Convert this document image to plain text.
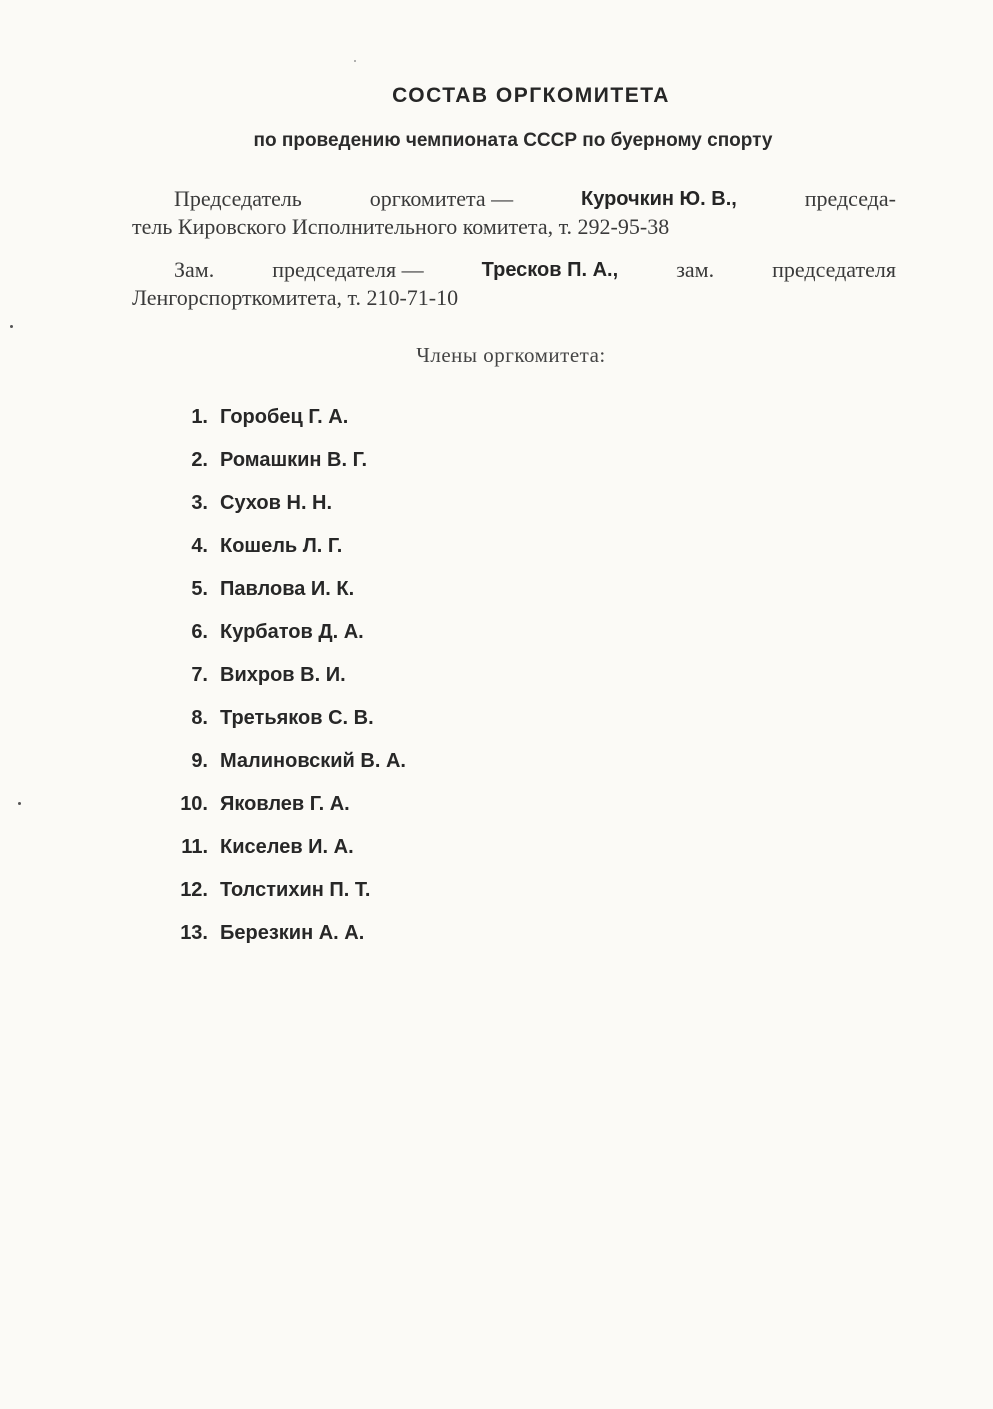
СОСТАВ ОРГКОМИТЕТА
по проведению чемпионата СССР по буерному спорту
Председатель	оргкомитета —	Курочкин Ю. В.,	председа-
тель Кировского Исполнительного комитета, т. 292-95-38
Зам.	председателя —	Тресков П. А.,	зам.	председателя
Ленгорспорткомитета, т. 210-71-10
Члены оргкомитета:
1. Горобец Г. А.
2. Ромашкин В. Г.
3. Сухов Н. Н.
4. Кошель Л. Г.
5. Павлова И. К.
6. Курбатов Д. А.
7. Вихров В. И.
8. Третьяков С. В.
9. Малиновский В. А.
10. Яковлев Г. А.
11. Киселев И. А.
12. Толстихин П. Т.
13. Березкин А. А.
